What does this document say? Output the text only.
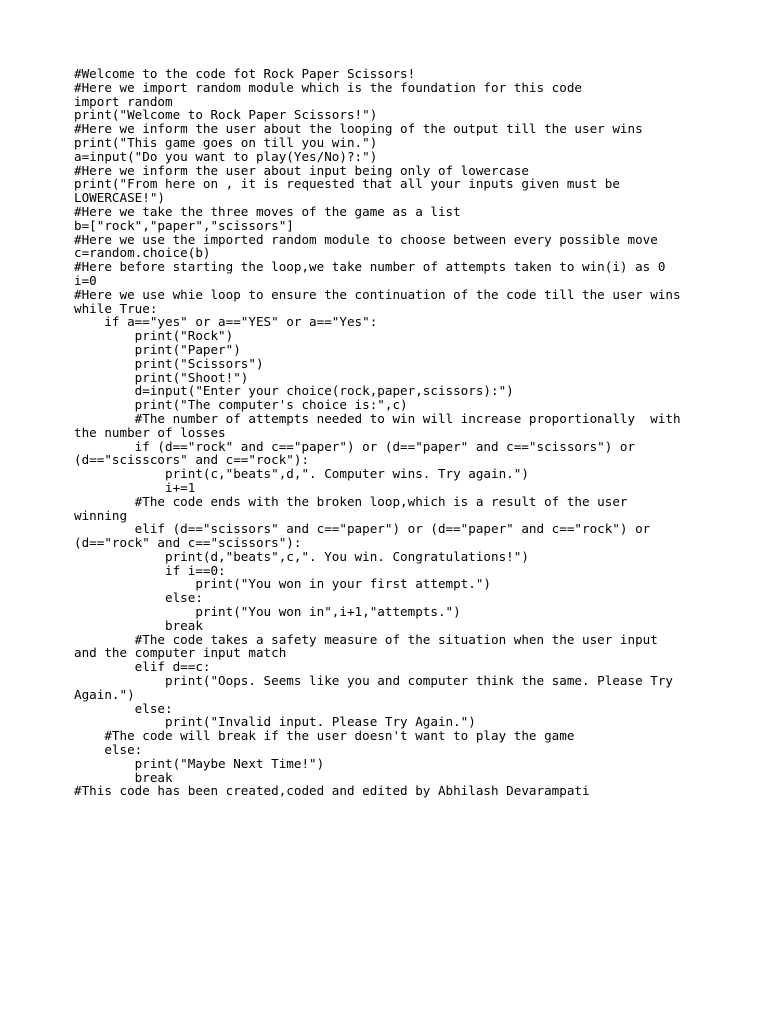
#Welcome to the code fot Rock Paper Scissors!
#Here we import random module which is the foundation for this code
import random
print("Welcome to Rock Paper Scissors!")
#Here we inform the user about the looping of the output till the user wins
print("This game goes on till you win.")
a=input("Do you want to play(Yes/No)?:")
#Here we inform the user about input being only of lowercase
print("From here on , it is requested that all your inputs given must be
LOWERCASE!")
#Here we take the three moves of the game as a list
b=["rock","paper","scissors"]
#Here we use the imported random module to choose between every possible move
c=random.choice(b)
#Here before starting the loop,we take number of attempts taken to win(i) as 0
i=0
#Here we use whie loop to ensure the continuation of the code till the user wins
while True:
if a=="yes" or a=="YES" or a=="Yes":
print("Rock")
print("Paper")
print("Scissors")
print("Shoot!")
d=input("Enter your choice(rock,paper,scissors):")
print("The computer's choice is:",c)
#The number of attempts needed to win will increase proportionally  with
the number of losses
if (d=="rock" and c=="paper") or (d=="paper" and c=="scissors") or
(d=="scisscors" and c=="rock"):
print(c,"beats",d,". Computer wins. Try again.")
i+=1
#The code ends with the broken loop,which is a result of the user
winning
elif (d=="scissors" and c=="paper") or (d=="paper" and c=="rock") or
(d=="rock" and c=="scissors"):
print(d,"beats",c,". You win. Congratulations!")
if i==0:
print("You won in your first attempt.")
else:
print("You won in",i+1,"attempts.")
break
#The code takes a safety measure of the situation when the user input
and the computer input match
elif d==c:
print("Oops. Seems like you and computer think the same. Please Try
Again.")
else:
print("Invalid input. Please Try Again.")
#The code will break if the user doesn't want to play the game
else:
print("Maybe Next Time!")
break
#This code has been created,coded and edited by Abhilash Devarampati
